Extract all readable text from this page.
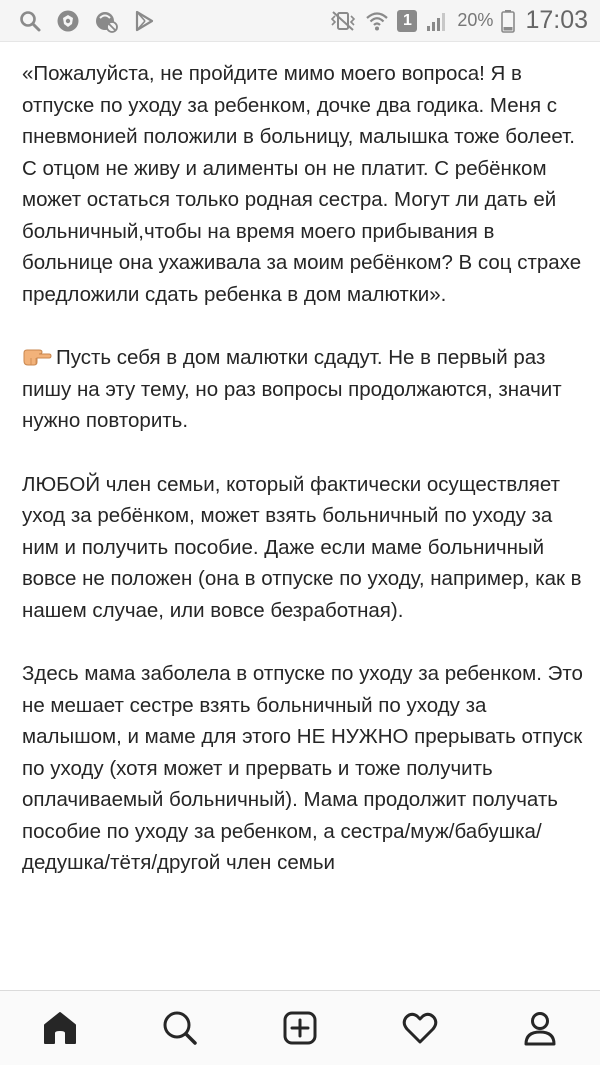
1	20% 17:03

«Пожалуйста, не пройдите мимо моего вопроса! Я в отпуске по уходу за ребенком, дочке два годика. Меня с пневмонией положили в больницу, малышка тоже болеет. С отцом не живу и алименты он не платит. С ребёнком может остаться только родная сестра. Могут ли дать ей больничный,чтобы на время моего прибывания в больнице она ухаживала за моим ребёнком? В соц страхе предложили сдать ребенка в дом малютки».

Пусть себя в дом малютки сдадут. Не в первый раз пишу на эту тему, но раз вопросы продолжаются, значит нужно повторить.

ЛЮБОЙ член семьи, который фактически осуществляет уход за ребёнком, может взять больничный по уходу за ним и получить пособие. Даже если маме больничный вовсе не положен (она в отпуске по уходу, например, как в нашем случае, или вовсе безработная).

Здесь мама заболела в отпуске по уходу за ребенком. Это не мешает сестре взять больничный по уходу за малышом, и маме для этого НЕ НУЖНО прерывать отпуск по уходу (хотя может и прервать и тоже получить оплачиваемый больничный). Мама продолжит получать пособие по уходу за ребенком, а сестра/муж/бабушка/дедушка/тётя/другой член семьи
